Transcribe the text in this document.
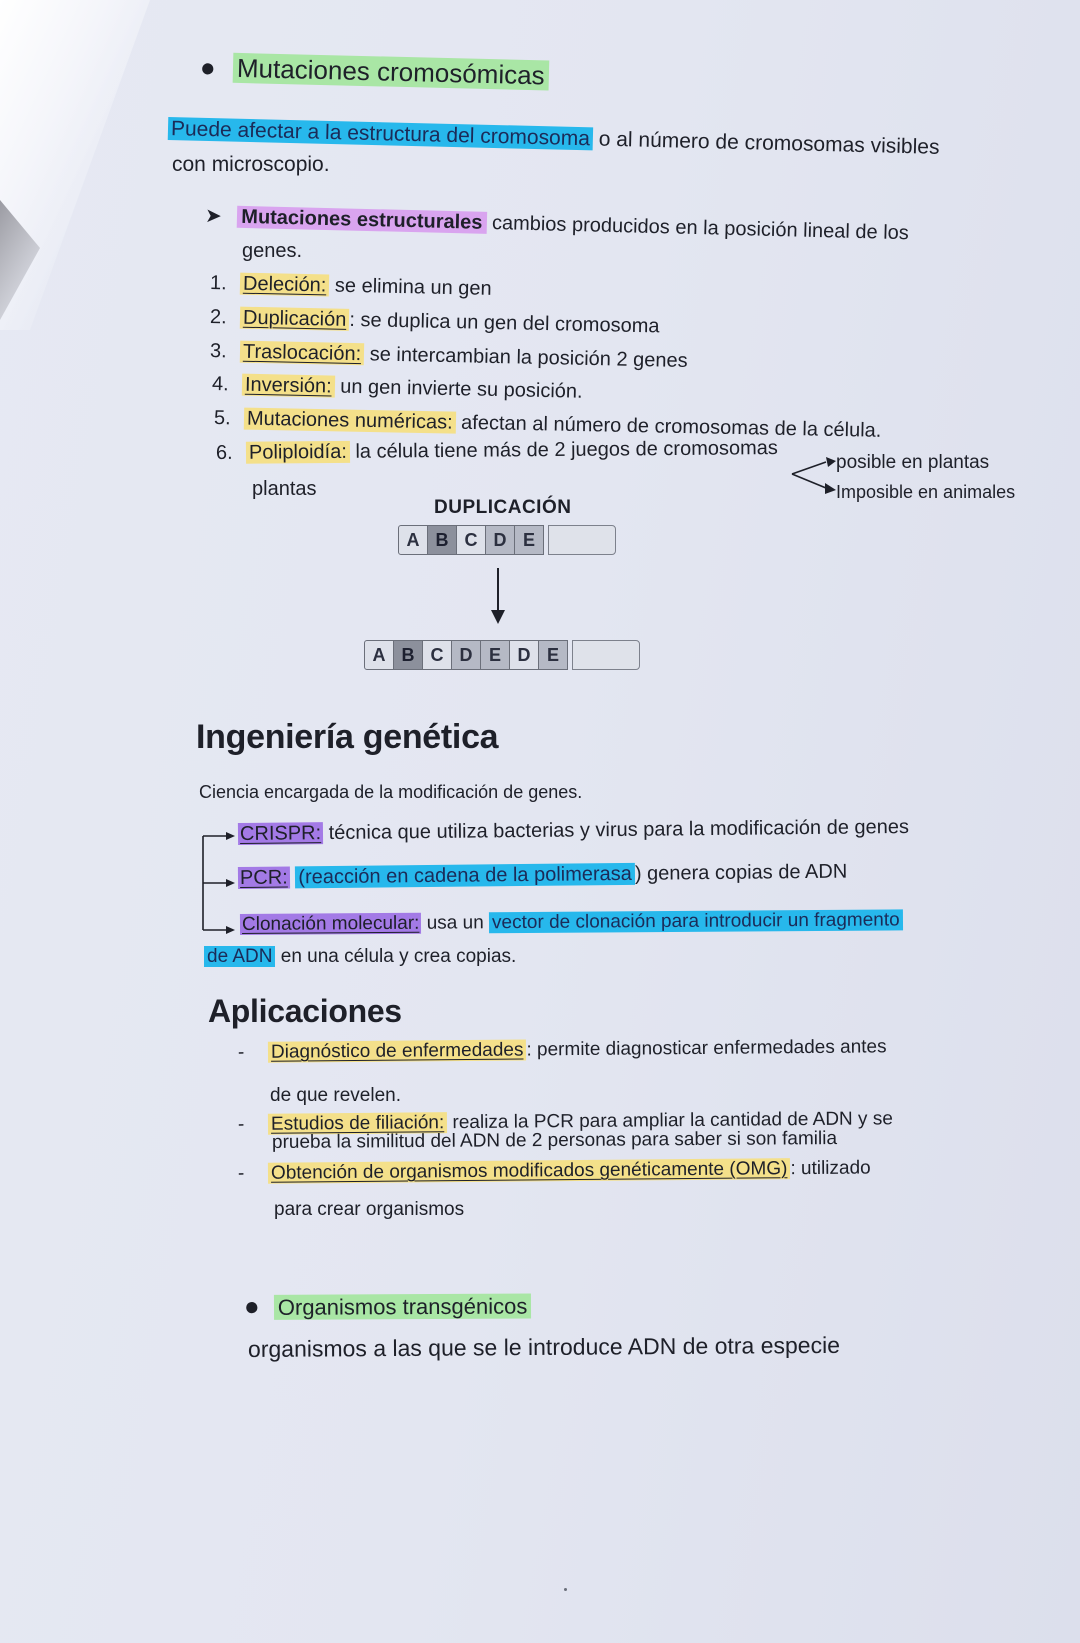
● Mutaciones cromosómicas
Puede afectar a la estructura del cromosoma o al número de cromosomas visibles
con microscopio.
➤ Mutaciones estructurales cambios producidos en la posición lineal de los
genes.
1. Deleción: se elimina un gen
2. Duplicación : se duplica un gen del cromosoma
3. Traslocación: se intercambian la posición 2 genes
4. Inversión: un gen invierte su posición.
5. Mutaciones numéricas: afectan al número de cromosomas de la célula.
6. Poliploidía: la célula tiene más de 2 juegos de cromosomas
plantas
posible en plantas
Imposible en animales
DUPLICACIÓN
A B C D E
A B C D E D E
Ingeniería genética
Ciencia encargada de la modificación de genes.
CRISPR: técnica que utiliza bacterias y virus para la modificación de genes
PCR: (reacción en cadena de la polimerasa ) genera copias de ADN
Clonación molecular: usa un vector de clonación para introducir un fragmento
de ADN en una célula y crea copias.
Aplicaciones
- Diagnóstico de enfermedades : permite diagnosticar enfermedades antes
de que revelen.
- Estudios de filiación: realiza la PCR para ampliar la cantidad de ADN y se
prueba la similitud del ADN de 2 personas para saber si son familia
- Obtención de organismos modificados genéticamente (OMG) : utilizado
para crear organismos
● Organismos transgénicos
organismos a las que se le introduce ADN de otra especie
